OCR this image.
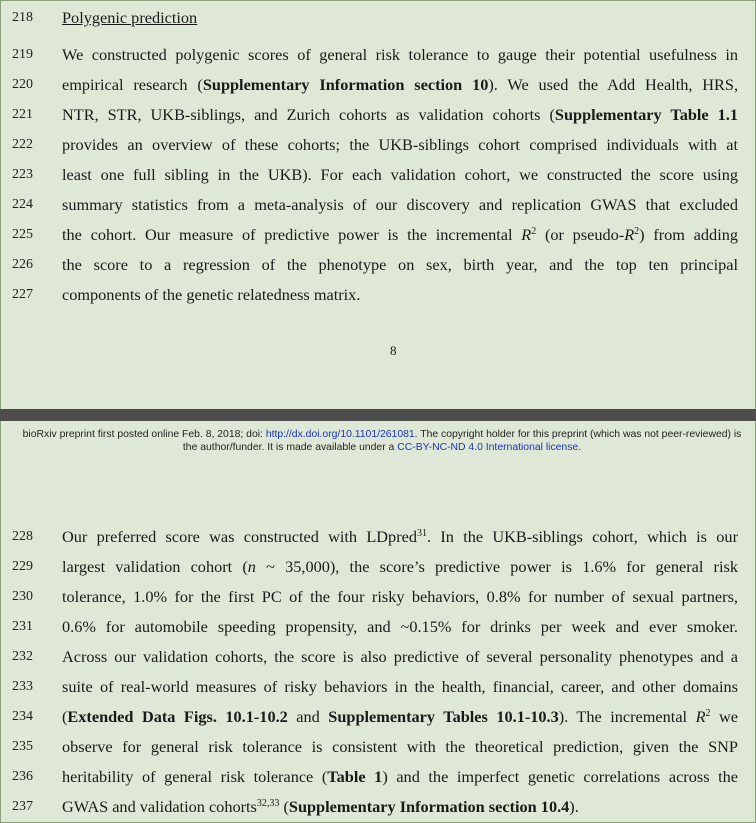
218	Polygenic prediction
219	We constructed polygenic scores of general risk tolerance to gauge their potential usefulness in
220	empirical research (Supplementary Information section 10). We used the Add Health, HRS,
221	NTR, STR, UKB-siblings, and Zurich cohorts as validation cohorts (Supplementary Table 1.1
222	provides an overview of these cohorts; the UKB-siblings cohort comprised individuals with at
223	least one full sibling in the UKB). For each validation cohort, we constructed the score using
224	summary statistics from a meta-analysis of our discovery and replication GWAS that excluded
225	the cohort. Our measure of predictive power is the incremental $R^2$ (or pseudo-$R^2$) from adding
226	the score to a regression of the phenotype on sex, birth year, and the top ten principal
227	components of the genetic relatedness matrix.
8
bioRxiv preprint first posted online Feb. 8, 2018; doi: http://dx.doi.org/10.1101/261081. The copyright holder for this preprint (which was not peer-reviewed) is the author/funder. It is made available under a CC-BY-NC-ND 4.0 International license.
228	Our preferred score was constructed with LDpred$^{31}$. In the UKB-siblings cohort, which is our
229	largest validation cohort (n ~ 35,000), the score’s predictive power is 1.6% for general risk
230	tolerance, 1.0% for the first PC of the four risky behaviors, 0.8% for number of sexual partners,
231	0.6% for automobile speeding propensity, and ~0.15% for drinks per week and ever smoker.
232	Across our validation cohorts, the score is also predictive of several personality phenotypes and a
233	suite of real-world measures of risky behaviors in the health, financial, career, and other domains
234	(Extended Data Figs. 10.1-10.2 and Supplementary Tables 10.1-10.3). The incremental $R^2$ we
235	observe for general risk tolerance is consistent with the theoretical prediction, given the SNP
236	heritability of general risk tolerance (Table 1) and the imperfect genetic correlations across the
237	GWAS and validation cohorts$^{32,33}$ (Supplementary Information section 10.4).
